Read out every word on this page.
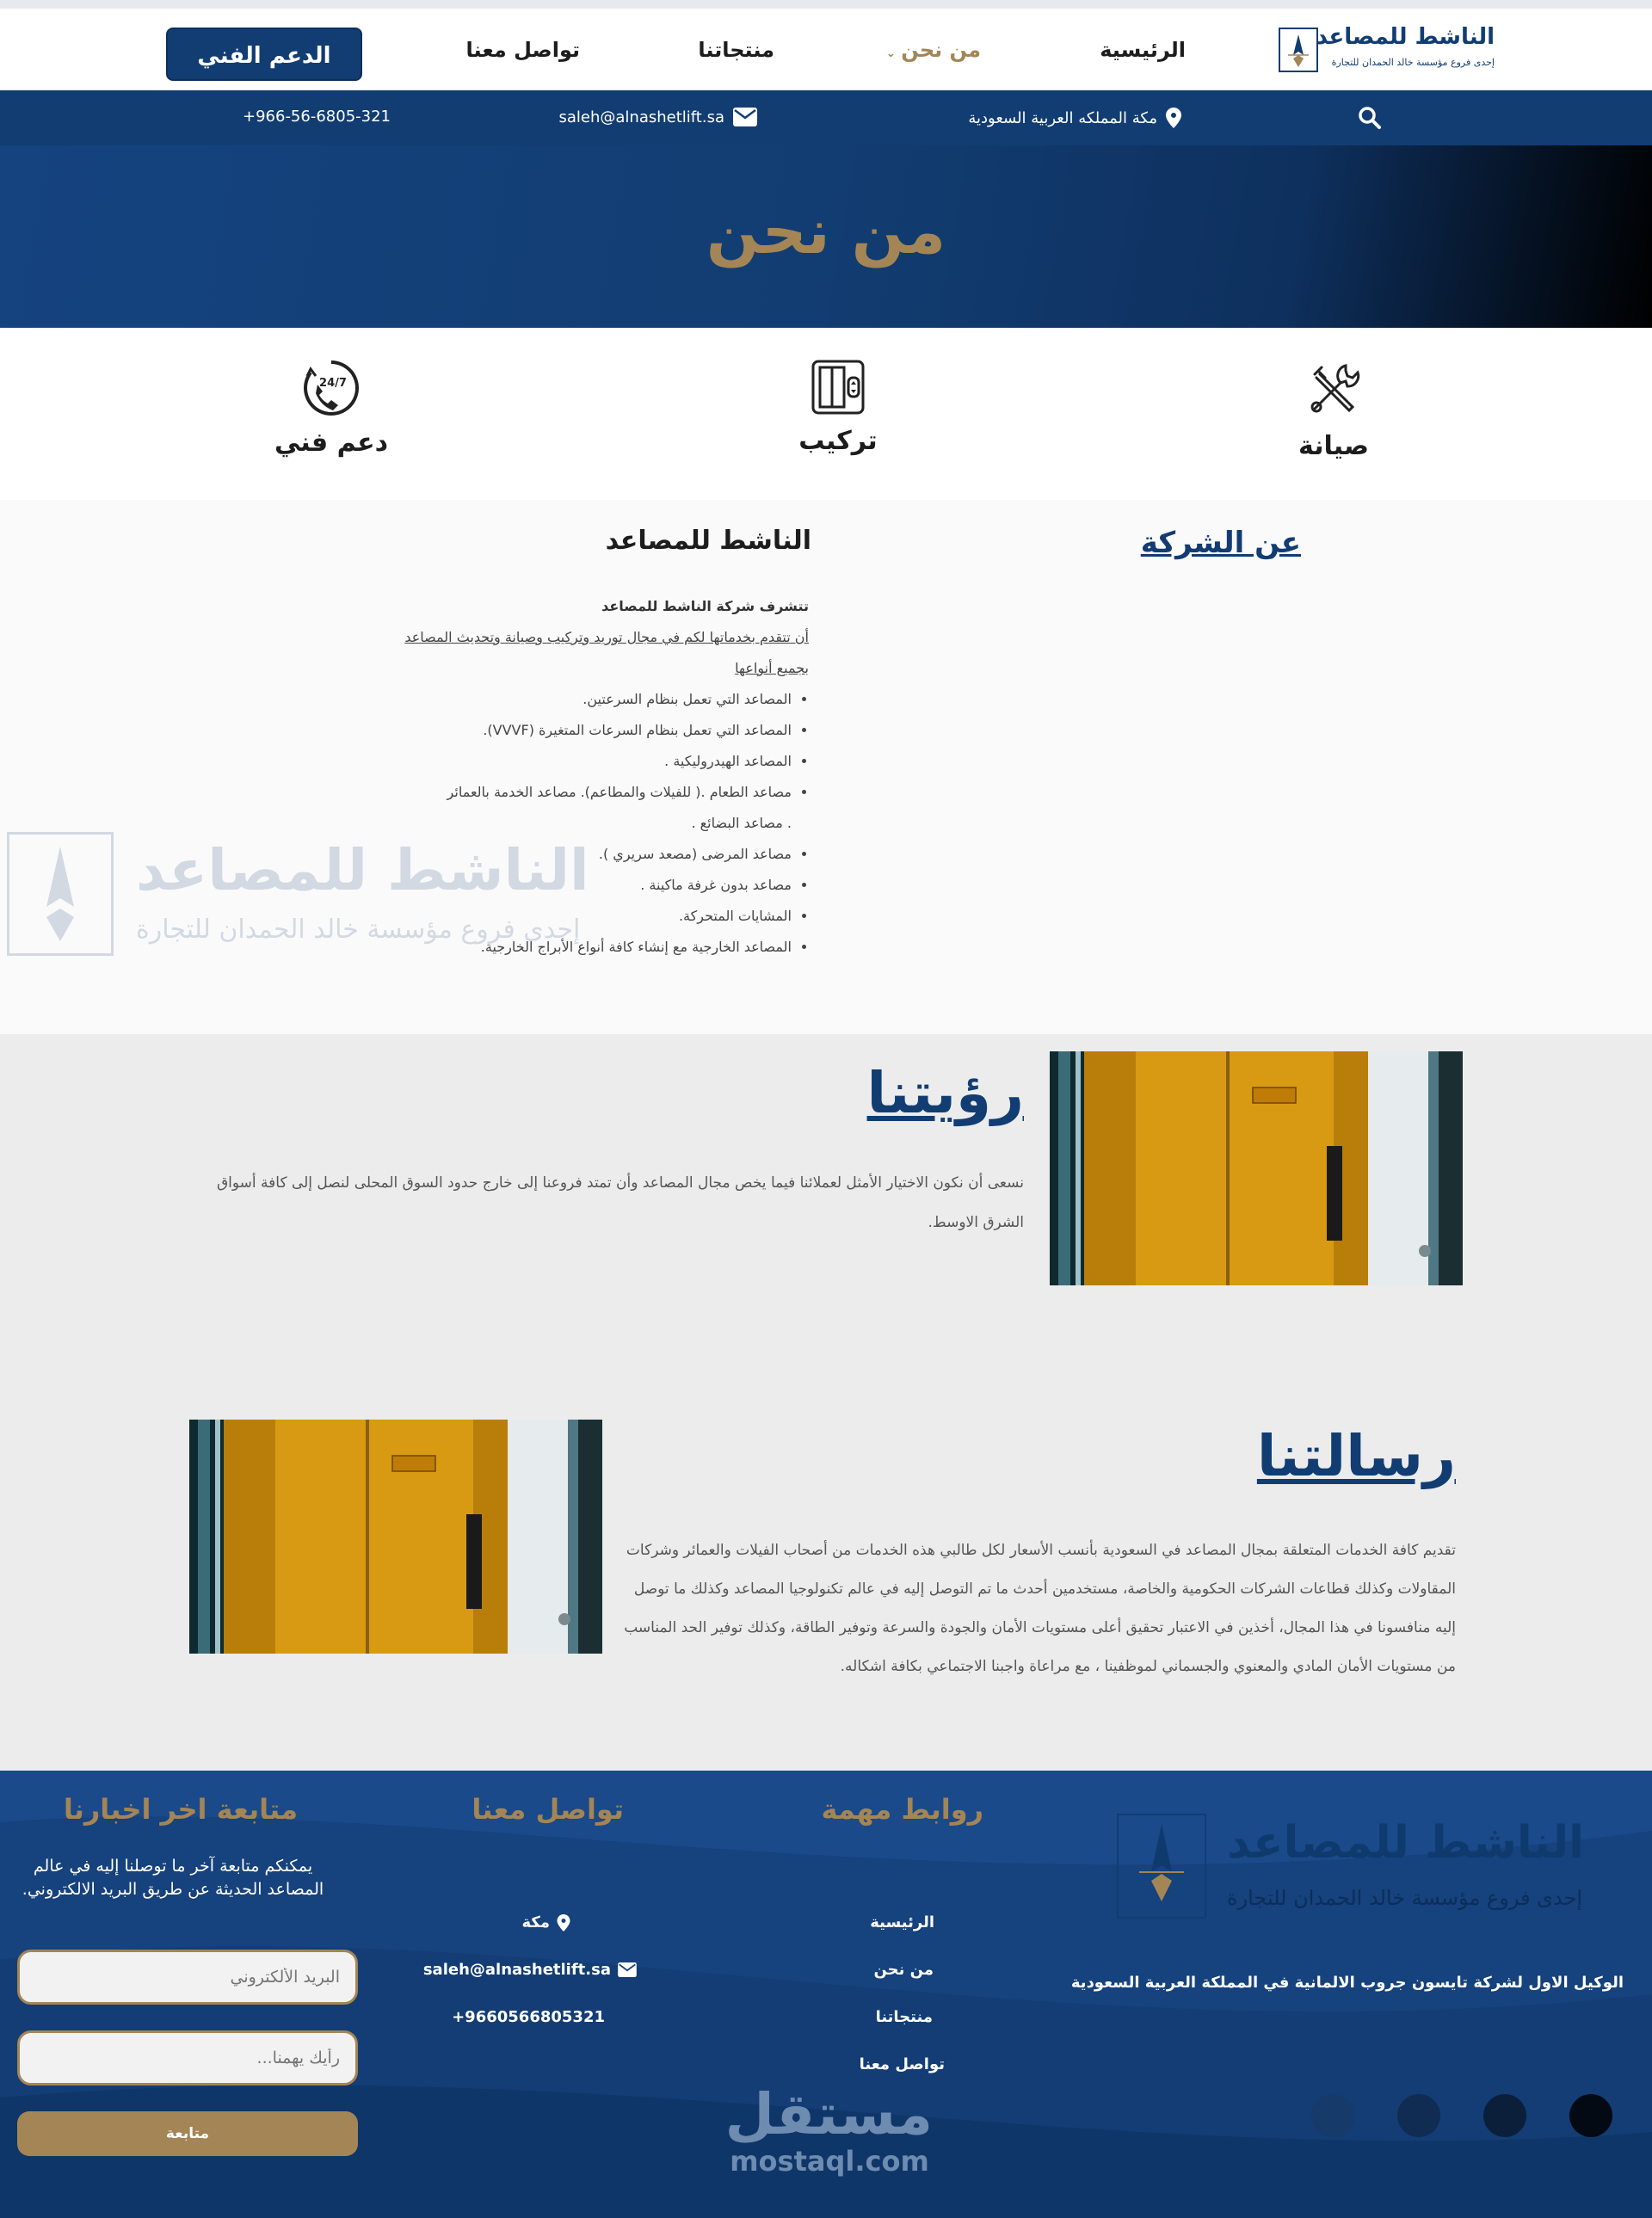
الناشط للمصاعد
إحدى فروع مؤسسة خالد الحمدان للتجارة
الرئيسية
من نحن⌄
منتجاتنا
تواصل معنا
الدعم الفني
مكة المملكه العربية السعودية
saleh@alnashetlift.sa
+966-56-6805-321
من نحن
صيانة
تركيب
24/7
دعم فني
الناشط للمصاعد
إحدى فروع مؤسسة خالد الحمدان للتجارة
عن الشركة
الناشط للمصاعد
تتشرف شركة الناشط للمصاعد
أن تتقدم بخدماتها لكم في مجال توريد وتركيب وصيانة وتحديث المصاعد
بجميع أنواعها
• المصاعد التي تعمل بنظام السرعتين.
• المصاعد التي تعمل بنظام السرعات المتغيرة (VVVF).
• المصاعد الهيدروليكية .
• مصاعد الطعام .( للفيلات والمطاعم). مصاعد الخدمة بالعمائر
. مصاعد البضائع .
• مصاعد المرضى (مصعد سريري ).
• مصاعد بدون غرفة ماكينة .
• المشايات المتحركة.
• المصاعد الخارجية مع إنشاء كافة أنواع الأبراج الخارجية.
رؤيتنا

نسعى أن نكون الاختيار الأمثل لعملائنا فيما يخص مجال المصاعد وأن تمتد فروعنا إلى خارج حدود السوق المحلى لنصل إلى كافة أسواق الشرق الاوسط.

رسالتنا

تقديم كافة الخدمات المتعلقة بمجال المصاعد في السعودية بأنسب الأسعار لكل طالبي هذه الخدمات من أصحاب الفيلات والعمائر وشركات المقاولات وكذلك قطاعات الشركات الحكومية والخاصة، مستخدمين أحدث ما تم التوصل إليه في عالم تكنولوجيا المصاعد وكذلك ما توصل إليه منافسونا في هذا المجال، أخذين في الاعتبار تحقيق أعلى مستويات الأمان والجودة والسرعة وتوفير الطاقة، وكذلك توفير الحد المناسب من مستويات الأمان المادي والمعنوي والجسماني لموظفينا ، مع مراعاة واجبنا الاجتماعي بكافة اشكاله.

الناشط للمصاعد
إحدى فروع مؤسسة خالد الحمدان للتجارة
الوكيل الاول لشركة تايسون جروب الالمانية في المملكة العربية السعودية
روابط مهمة
الرئيسية
من نحن
منتجاتنا
تواصل معنا
تواصل معنا
مكة
saleh@alnashetlift.sa
+9660566805321
متابعة اخر اخبارنا

يمكنكم متابعة آخر ما توصلنا إليه في عالم المصاعد الحديثة عن طريق البريد الالكتروني.

البريد الألكتروني
رأيك يهمنا...
متابعة	مستقل
mostaql.com
